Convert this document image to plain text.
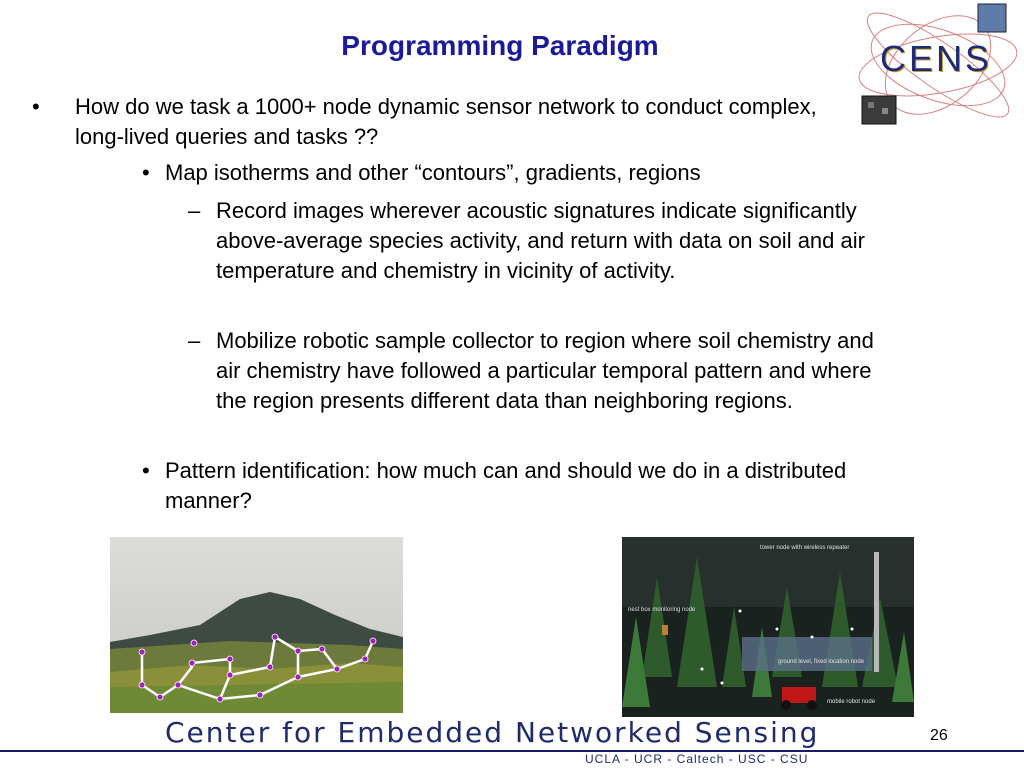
Programming Paradigm	CENS
• How do we task a 1000+ node dynamic sensor network to conduct complex, long-lived queries and tasks ??
• Map isotherms and other “contours”, gradients, regions
– Record images wherever acoustic signatures indicate significantly above-average species activity, and return with data on soil and air temperature and chemistry in vicinity of activity.
– Mobilize robotic sample collector to region where soil chemistry and air chemistry have followed a particular temporal pattern and where the region presents different data than neighboring regions.
• Pattern identification: how much can and should we do in a distributed manner?
tower node with wireless repeater
nest box monitoring node
ground level, fixed location node
mobile robot node
Center for Embedded Networked Sensing
UCLA - UCR - Caltech - USC - CSU
26
